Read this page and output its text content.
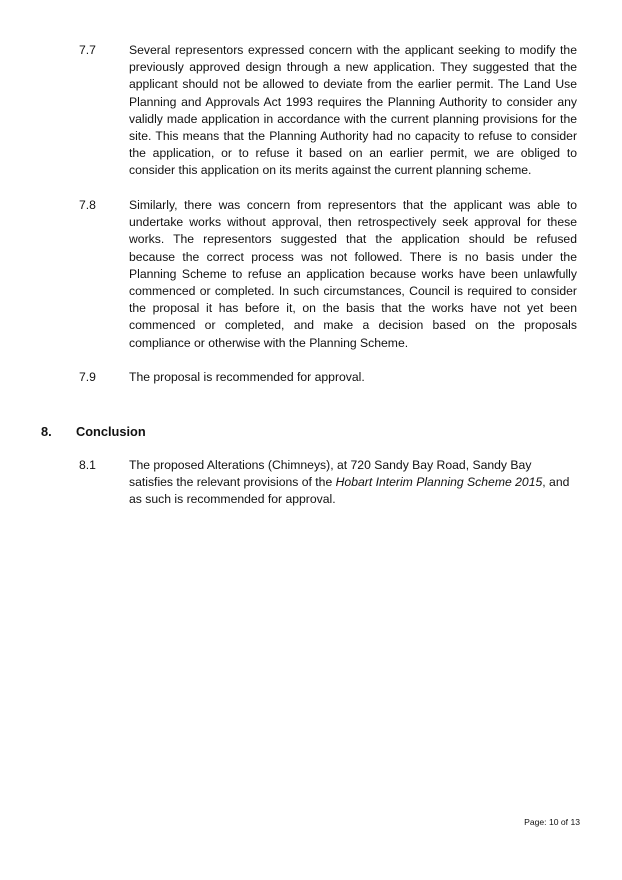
7.7	Several representors expressed concern with the applicant seeking to modify the
previously approved design through a new application. They suggested that the
applicant should not be allowed to deviate from the earlier permit. The Land Use
Planning and Approvals Act 1993 requires the Planning Authority to consider any
validly made application in accordance with the current planning provisions for the
site. This means that the Planning Authority had no capacity to refuse to consider
the application, or to refuse it based on an earlier permit, we are obliged to
consider this application on its merits against the current planning scheme.
7.8	Similarly, there was concern from representors that the applicant was able to
undertake works without approval, then retrospectively seek approval for these
works. The representors suggested that the application should be refused
because the correct process was not followed. There is no basis under the
Planning Scheme to refuse an application because works have been unlawfully
commenced or completed. In such circumstances, Council is required to consider
the proposal it has before it, on the basis that the works have not yet been
commenced or completed, and make a decision based on the proposals
compliance or otherwise with the Planning Scheme.
7.9	The proposal is recommended for approval.
8. Conclusion
8.1	The proposed Alterations (Chimneys), at 720 Sandy Bay Road, Sandy Bay
satisfies the relevant provisions of the Hobart Interim Planning Scheme 2015, and
as such is recommended for approval.
Page: 10 of 13
